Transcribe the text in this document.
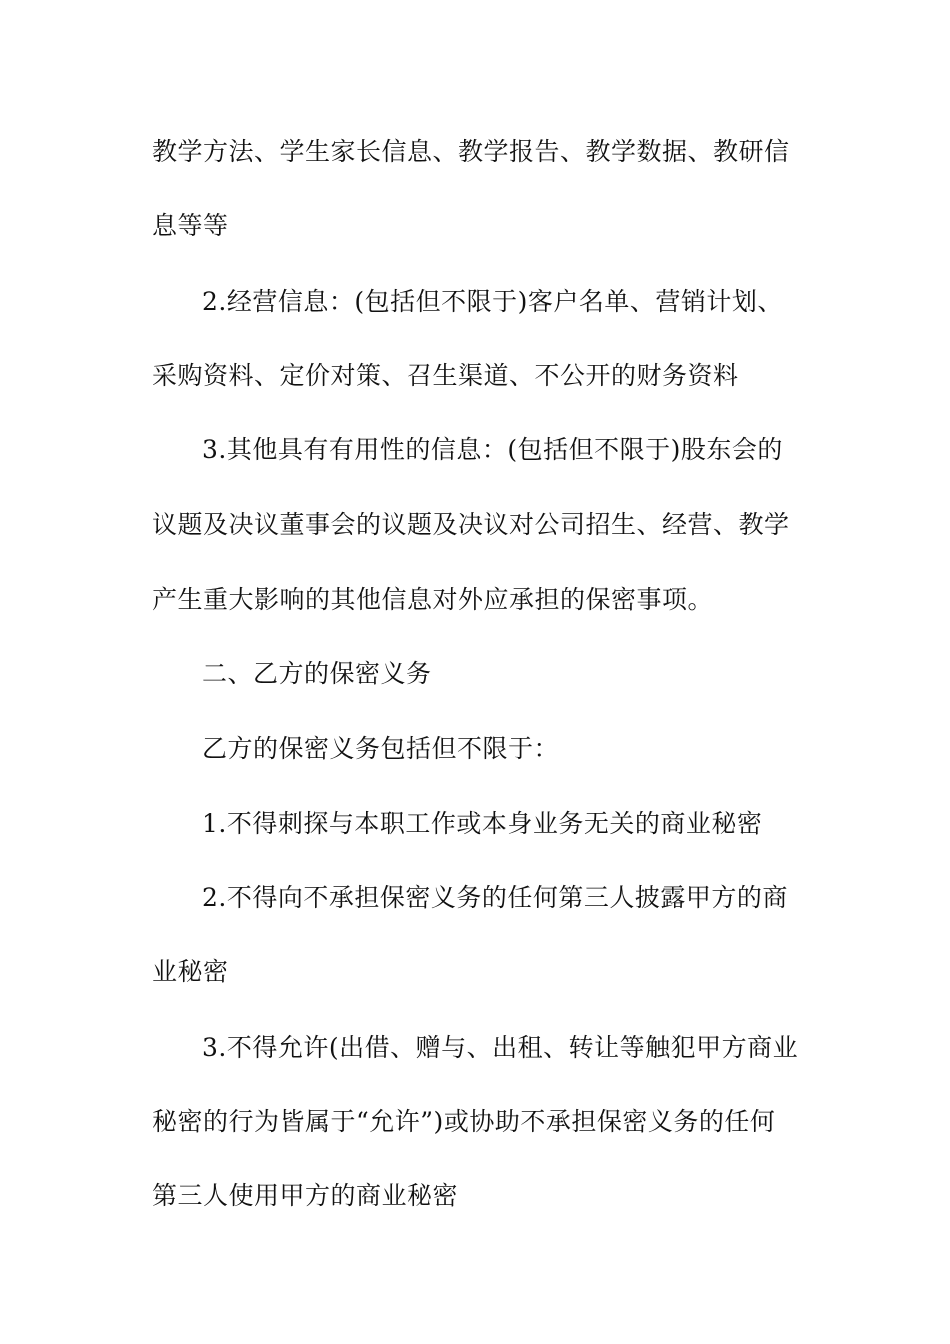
教学方法、学生家长信息、教学报告、教学数据、教研信
息等等
2.经营信息：(包括但不限于)客户名单、营销计划、
采购资料、定价对策、召生渠道、不公开的财务资料
3.其他具有有用性的信息：(包括但不限于)股东会的
议题及决议董事会的议题及决议对公司招生、经营、教学
产生重大影响的其他信息对外应承担的保密事项。
二、乙方的保密义务
乙方的保密义务包括但不限于：
1.不得刺探与本职工作或本身业务无关的商业秘密
2.不得向不承担保密义务的任何第三人披露甲方的商
业秘密
3.不得允许(出借、赠与、出租、转让等触犯甲方商业
秘密的行为皆属于“允许”)或协助不承担保密义务的任何
第三人使用甲方的商业秘密
